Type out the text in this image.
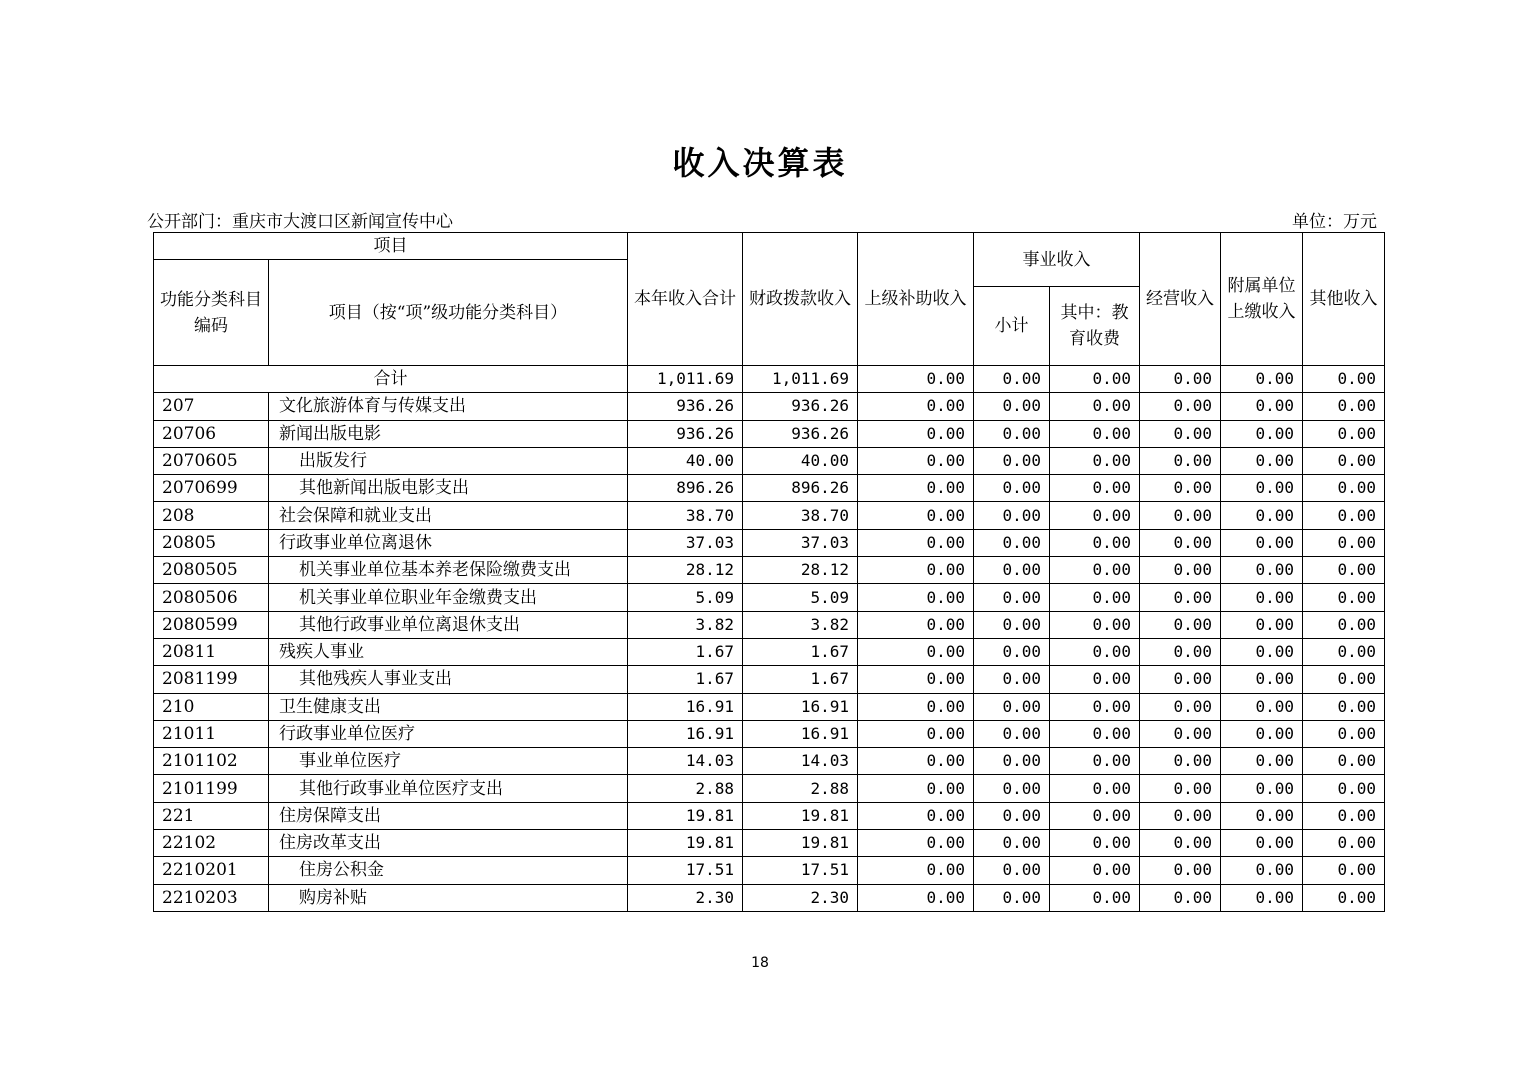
收入决算表
公开部门：重庆市大渡口区新闻宣传中心	单位：万元
项目		本年收入合计	财政拨款收入	上级补助收入	事业收入		经营收入	附属单位上缴收入	其他收入
功能分类科目编码	项目（按“项”级功能分类科目）								
					小计	其中：教育收费			
合计		1,011.69	1,011.69	0.00	0.00	0.00	0.00	0.00	0.00
207	文化旅游体育与传媒支出	936.26	936.26	0.00	0.00	0.00	0.00	0.00	0.00
20706	新闻出版电影	936.26	936.26	0.00	0.00	0.00	0.00	0.00	0.00
2070605	出版发行	40.00	40.00	0.00	0.00	0.00	0.00	0.00	0.00
2070699	其他新闻出版电影支出	896.26	896.26	0.00	0.00	0.00	0.00	0.00	0.00
208	社会保障和就业支出	38.70	38.70	0.00	0.00	0.00	0.00	0.00	0.00
20805	行政事业单位离退休	37.03	37.03	0.00	0.00	0.00	0.00	0.00	0.00
2080505	机关事业单位基本养老保险缴费支出	28.12	28.12	0.00	0.00	0.00	0.00	0.00	0.00
2080506	机关事业单位职业年金缴费支出	5.09	5.09	0.00	0.00	0.00	0.00	0.00	0.00
2080599	其他行政事业单位离退休支出	3.82	3.82	0.00	0.00	0.00	0.00	0.00	0.00
20811	残疾人事业	1.67	1.67	0.00	0.00	0.00	0.00	0.00	0.00
2081199	其他残疾人事业支出	1.67	1.67	0.00	0.00	0.00	0.00	0.00	0.00
210	卫生健康支出	16.91	16.91	0.00	0.00	0.00	0.00	0.00	0.00
21011	行政事业单位医疗	16.91	16.91	0.00	0.00	0.00	0.00	0.00	0.00
2101102	事业单位医疗	14.03	14.03	0.00	0.00	0.00	0.00	0.00	0.00
2101199	其他行政事业单位医疗支出	2.88	2.88	0.00	0.00	0.00	0.00	0.00	0.00
221	住房保障支出	19.81	19.81	0.00	0.00	0.00	0.00	0.00	0.00
22102	住房改革支出	19.81	19.81	0.00	0.00	0.00	0.00	0.00	0.00
2210201	住房公积金	17.51	17.51	0.00	0.00	0.00	0.00	0.00	0.00
2210203	购房补贴	2.30	2.30	0.00	0.00	0.00	0.00	0.00	0.00
18
